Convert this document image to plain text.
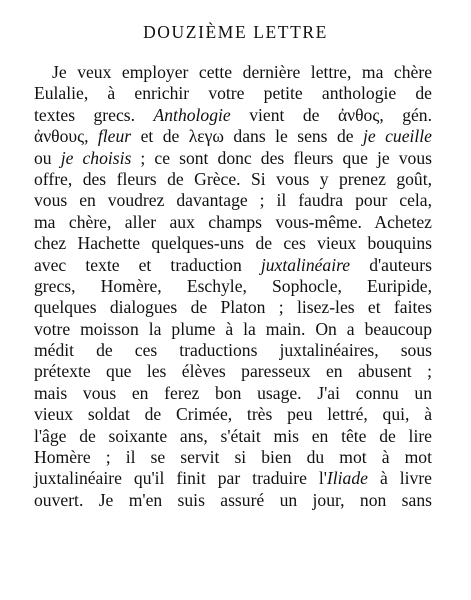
DOUZIÈME LETTRE
Je veux employer cette dernière lettre, ma chère
Eulalie, à enrichir votre petite anthologie de
textes grecs. Anthologie vient de ἀνθος, gén.
ἀνθους, fleur et de λεγω dans le sens de je cueille
ou je choisis ; ce sont donc des fleurs que je vous
offre, des fleurs de Grèce. Si vous y prenez goût,
vous en voudrez davantage ; il faudra pour cela,
ma chère, aller aux champs vous-même. Achetez
chez Hachette quelques-uns de ces vieux bouquins
avec texte et traduction juxtalinéaire d'auteurs
grecs, Homère, Eschyle, Sophocle, Euripide,
quelques dialogues de Platon ; lisez-les et faites
votre moisson la plume à la main. On a beaucoup
médit de ces traductions juxtalinéaires, sous
prétexte que les élèves paresseux en abusent ;
mais vous en ferez bon usage. J'ai connu un
vieux soldat de Crimée, très peu lettré, qui, à
l'âge de soixante ans, s'était mis en tête de lire
Homère ; il se servit si bien du mot à mot
juxtalinéaire qu'il finit par traduire l'Iliade à livre
ouvert. Je m'en suis assuré un jour, non sans
